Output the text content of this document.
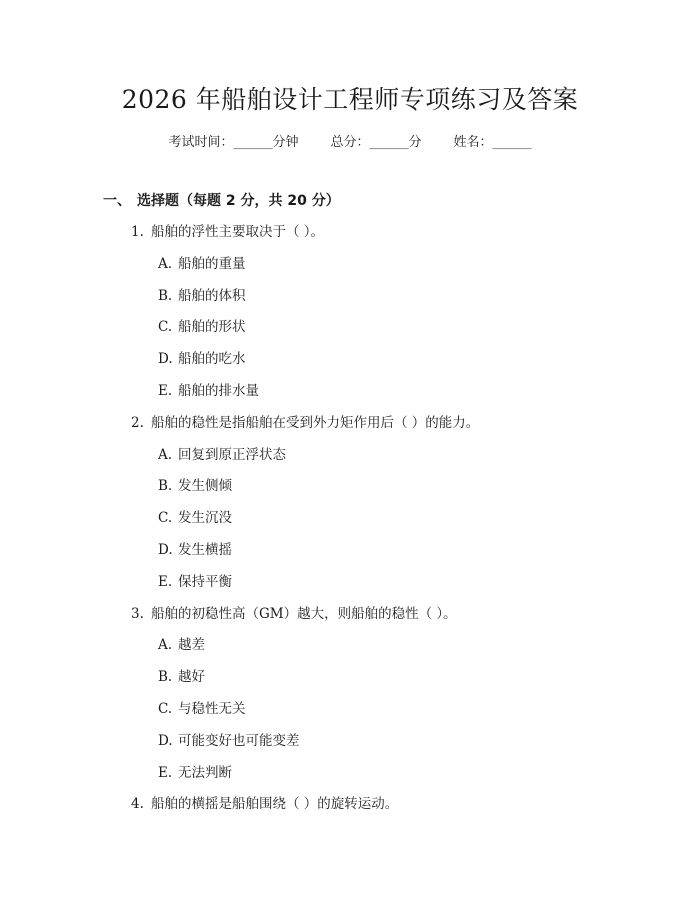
2026 年船舶设计工程师专项练习及答案
考试时间：______分钟 总分：______分 姓名：______
一、 选择题（每题 2 分，共 20 分）
1. 船舶的浮性主要取决于（ ）。
A. 船舶的重量
B. 船舶的体积
C. 船舶的形状
D. 船舶的吃水
E. 船舶的排水量
2. 船舶的稳性是指船舶在受到外力矩作用后（ ）的能力。
A. 回复到原正浮状态
B. 发生侧倾
C. 发生沉没
D. 发生横摇
E. 保持平衡
3. 船舶的初稳性高（GM）越大，则船舶的稳性（ ）。
A. 越差
B. 越好
C. 与稳性无关
D. 可能变好也可能变差
E. 无法判断
4. 船舶的横摇是船舶围绕（ ）的旋转运动。
